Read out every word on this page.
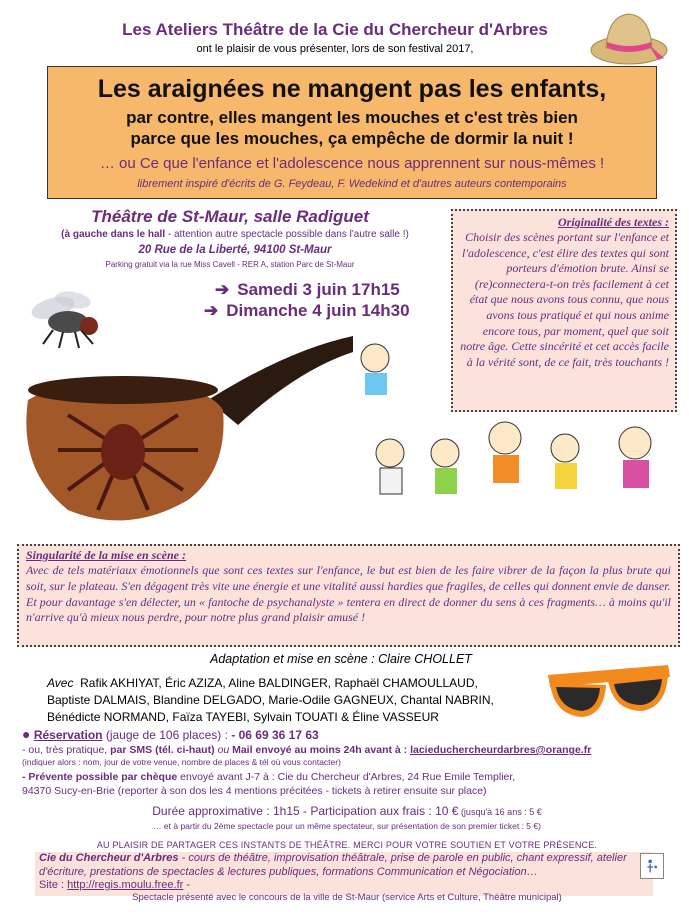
Les Ateliers Théâtre de la Cie du Chercheur d'Arbres
ont le plaisir de vous présenter, lors de son festival 2017,
Les araignées ne mangent pas les enfants,
par contre, elles mangent les mouches et c'est très bien
parce que les mouches, ça empêche de dormir la nuit !
… ou Ce que l'enfance et l'adolescence nous apprennent sur nous-mêmes !
librement inspiré d'écrits de G. Feydeau, F. Wedekind et d'autres auteurs contemporains
Théâtre de St-Maur, salle Radiguet
(à gauche dans le hall - attention autre spectacle possible dans l'autre salle !)
20 Rue de la Liberté, 94100 St-Maur
Parking gratuit via la rue Miss Cavell - RER A, station Parc de St-Maur
➔ Samedi 3 juin 17h15
➔ Dimanche 4 juin 14h30
Originalité des textes :
Choisir des scènes portant sur l'enfance et l'adolescence, c'est élire des textes qui sont porteurs d'émotion brute. Ainsi se (re)connectera-t-on très facilement à cet état que nous avons tous connu, que nous avons tous pratiqué et qui nous anime encore tous, par moment, quel que soit notre âge. Cette sincérité et cet accès facile à la vérité sont, de ce fait, très touchants !
Singularité de la mise en scène :
Avec de tels matériaux émotionnels que sont ces textes sur l'enfance, le but est bien de les faire vibrer de la façon la plus brute qui soit, sur le plateau. S'en dégagent très vite une énergie et une vitalité aussi hardies que fragiles, de celles qui donnent envie de danser.
Et pour davantage s'en délecter, un « fantoche de psychanalyste » tentera en direct de donner du sens à ces fragments… à moins qu'il n'arrive qu'à mieux nous perdre, pour notre plus grand plaisir amusé !
Adaptation et mise en scène : Claire CHOLLET
Avec Rafik AKHIYAT, Éric AZIZA, Aline BALDINGER, Raphaël CHAMOULLAUD,
Baptiste DALMAIS, Blandine DELGADO, Marie-Odile GAGNEUX, Chantal NABRIN,
Bénédicte NORMAND, Faïza TAYEBI, Sylvain TOUATI & Éline VASSEUR
● Réservation (jauge de 106 places) : - 06 69 36 17 63
- ou, très pratique, par SMS (tél. ci-haut) ou Mail envoyé au moins 24h avant à : lacieduchercheurdarbres@orange.fr
(indiquer alors : nom, jour de votre venue, nombre de places & tél où vous contacter)
- Prévente possible par chèque envoyé avant J-7 à : Cie du Chercheur d'Arbres, 24 Rue Emile Templier,
94370 Sucy-en-Brie (reporter à son dos les 4 mentions précitées - tickets à retirer ensuite sur place)
Durée approximative : 1h15 - Participation aux frais : 10 € (jusqu'à 16 ans : 5 €
… et à partir du 2ème spectacle pour un même spectateur, sur présentation de son premier ticket : 5 €)
AU PLAISIR DE PARTAGER CES INSTANTS DE THÉÂTRE. MERCI POUR VOTRE SOUTIEN ET VOTRE PRÉSENCE.
Cie du Chercheur d'Arbres - cours de théâtre, improvisation théâtrale, prise de parole en public, chant expressif, atelier d'écriture, prestations de spectacles & lectures publiques, formations Communication et Négociation…
Site : http://regis.moulu.free.fr -
Spectacle présenté avec le concours de la ville de St-Maur (service Arts et Culture, Théâtre municipal)
